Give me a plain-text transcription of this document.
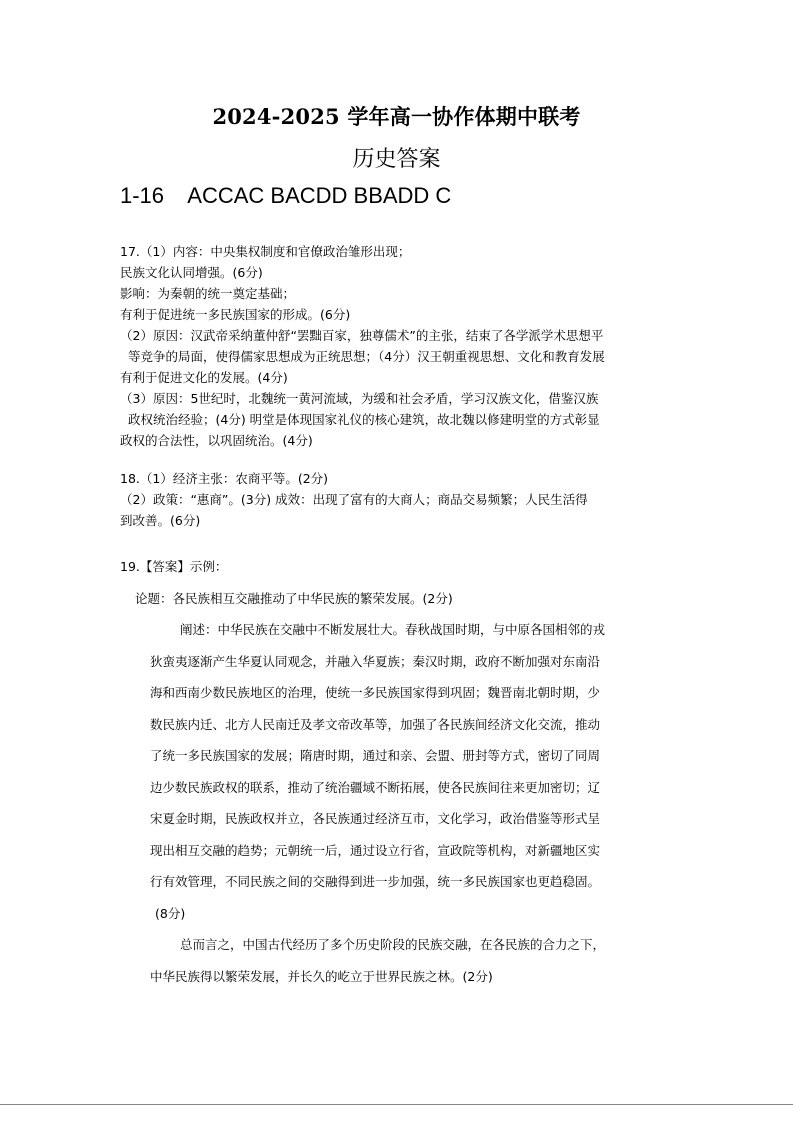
2024-2025 学年高一协作体期中联考
历史答案
1-16    ACCAC BACDD BBADD C
17.（1）内容：中央集权制度和官僚政治雏形出现；
民族文化认同增强。(6分)
影响：为秦朝的统一奠定基础；
有利于促进统一多民族国家的形成。(6分)
（2）原因：汉武帝采纳董仲舒“罢黜百家，独尊儒术”的主张，结束了各学派学术思想平
等竞争的局面，使得儒家思想成为正统思想；（4分）汉王朝重视思想、文化和教育发展
有利于促进文化的发展。(4分)
（3）原因：5世纪时，北魏统一黄河流域，为缓和社会矛盾，学习汉族文化，借鉴汉族
政权统治经验；(4分) 明堂是体现国家礼仪的核心建筑，故北魏以修建明堂的方式彰显
政权的合法性，以巩固统治。(4分)
18.（1）经济主张：农商平等。(2分)
（2）政策：“惠商”。(3分) 成效：出现了富有的大商人；商品交易频繁；人民生活得
到改善。(6分)
19.【答案】示例：
论题：各民族相互交融推动了中华民族的繁荣发展。(2分)
阐述：中华民族在交融中不断发展壮大。春秋战国时期，与中原各国相邻的戎
狄蛮夷逐渐产生华夏认同观念，并融入华夏族；秦汉时期，政府不断加强对东南沿
海和西南少数民族地区的治理，使统一多民族国家得到巩固；魏晋南北朝时期，少
数民族内迁、北方人民南迁及孝文帝改革等，加强了各民族间经济文化交流，推动
了统一多民族国家的发展；隋唐时期，通过和亲、会盟、册封等方式，密切了同周
边少数民族政权的联系，推动了统治疆域不断拓展，使各民族间往来更加密切；辽
宋夏金时期，民族政权并立，各民族通过经济互市，文化学习，政治借鉴等形式呈
现出相互交融的趋势；元朝统一后，通过设立行省，宣政院等机构，对新疆地区实
行有效管理，不同民族之间的交融得到进一步加强，统一多民族国家也更趋稳固。
(8分)
总而言之，中国古代经历了多个历史阶段的民族交融，在各民族的合力之下，
中华民族得以繁荣发展，并长久的屹立于世界民族之林。(2分)
